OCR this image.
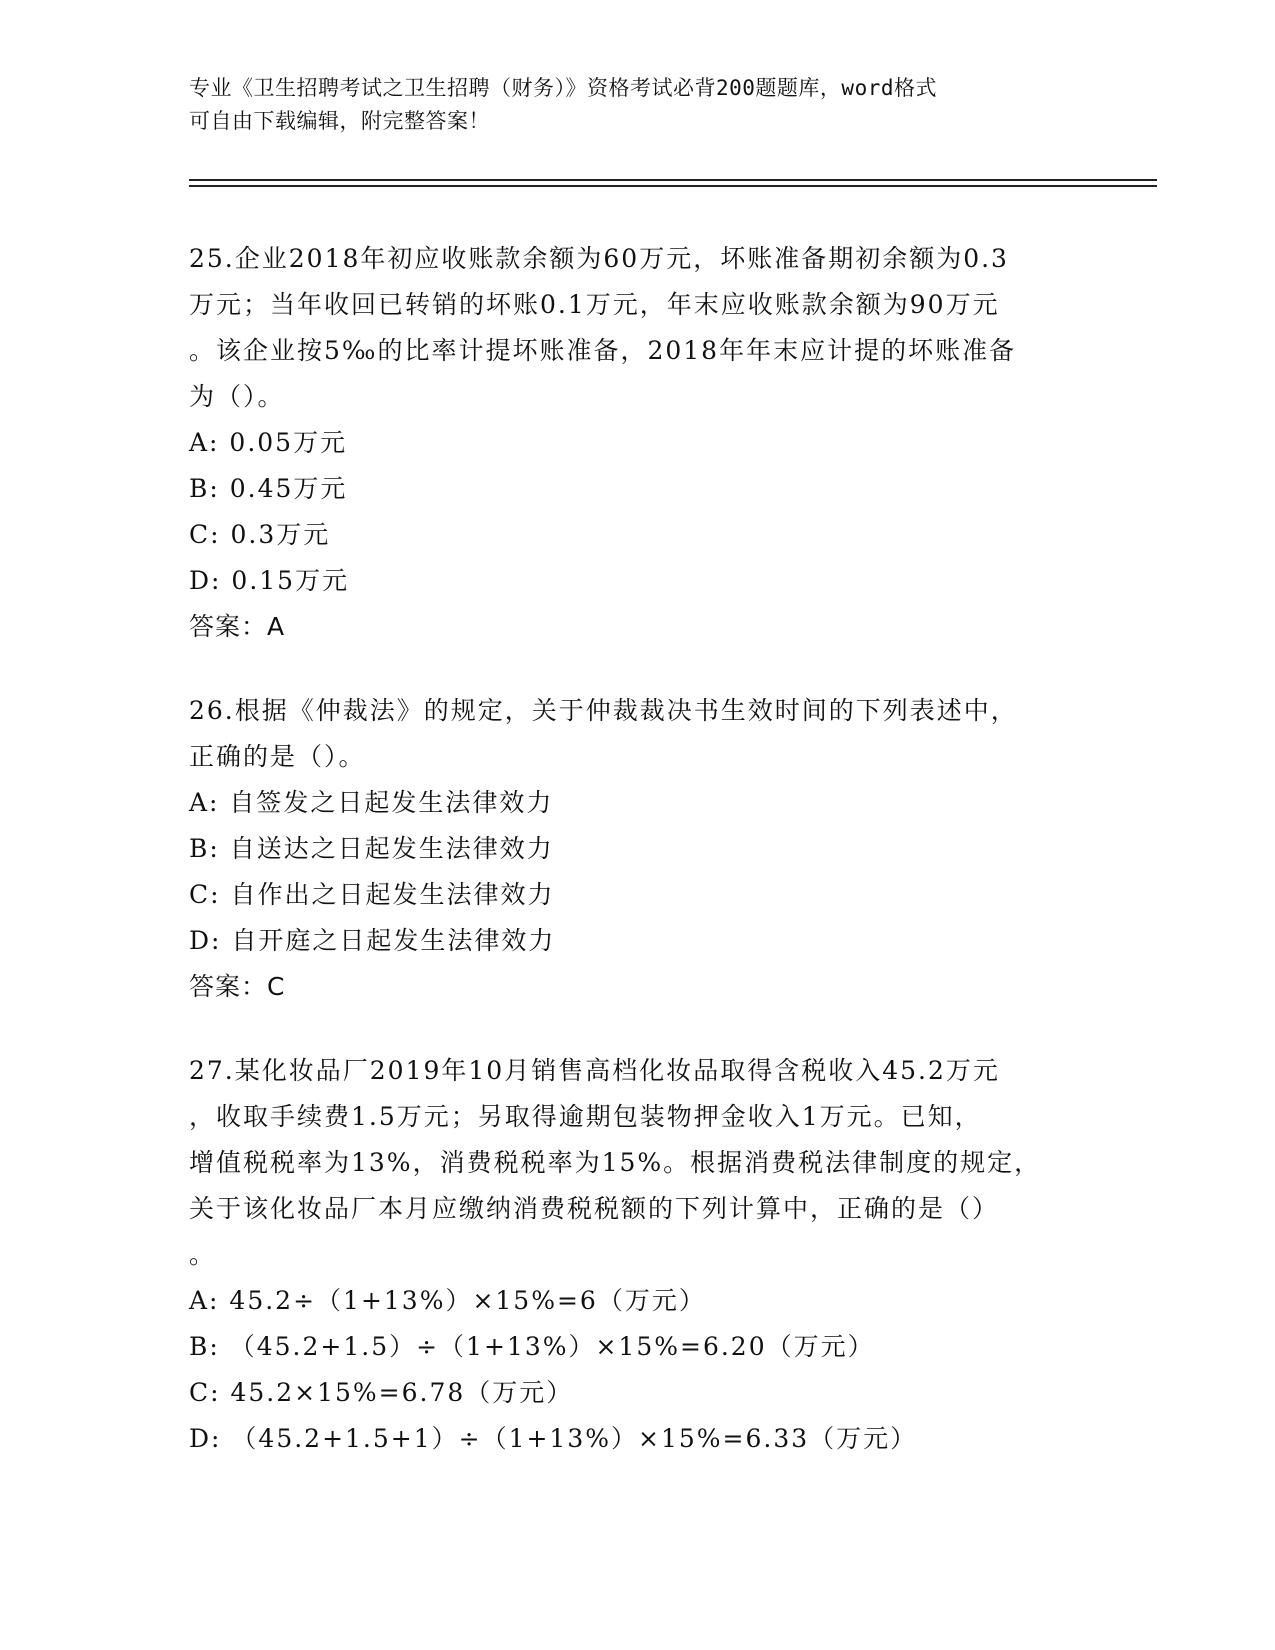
专业《卫生招聘考试之卫生招聘（财务）》资格考试必背200题题库，word格式
可自由下载编辑，附完整答案！

25.企业2018年初应收账款余额为60万元，坏账准备期初余额为0.3
万元；当年收回已转销的坏账0.1万元，年末应收账款余额为90万元
。该企业按5‰的比率计提坏账准备，2018年年末应计提的坏账准备
为（）。

A: 0.05万元

B: 0.45万元

C: 0.3万元

D: 0.15万元

答案：A

26.根据《仲裁法》的规定，关于仲裁裁决书生效时间的下列表述中，
正确的是（）。

A: 自签发之日起发生法律效力

B: 自送达之日起发生法律效力

C: 自作出之日起发生法律效力

D: 自开庭之日起发生法律效力

答案：C

27.某化妆品厂2019年10月销售高档化妆品取得含税收入45.2万元
，收取手续费1.5万元；另取得逾期包装物押金收入1万元。已知，
增值税税率为13%，消费税税率为15%。根据消费税法律制度的规定，
关于该化妆品厂本月应缴纳消费税税额的下列计算中，正确的是（）
。

A: 45.2÷（1+13%）×15%=6（万元）

B: （45.2+1.5）÷（1+13%）×15%=6.20（万元）

C: 45.2×15%=6.78（万元）

D: （45.2+1.5+1）÷（1+13%）×15%=6.33（万元）
